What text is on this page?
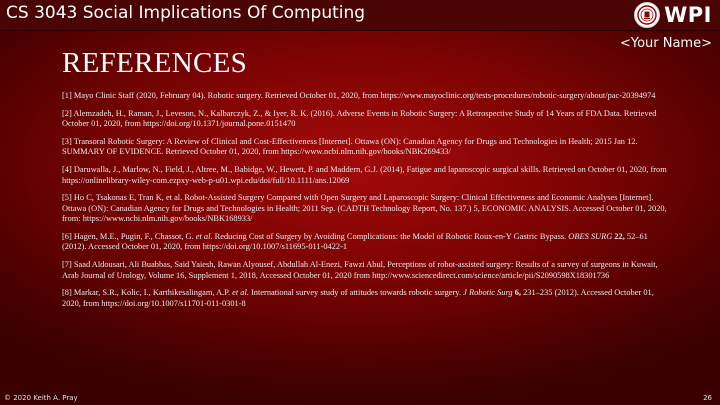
CS 3043 Social Implications Of Computing	WPI
<Your Name>
REFERENCES

[1] Mayo Clinic Staff (2020, February 04). Robotic surgery. Retrieved October 01, 2020, from https://www.mayoclinic.org/tests-procedures/robotic-surgery/about/pac-20394974

[2] Alemzadeh, H., Raman, J., Leveson, N., Kalbarczyk, Z., & Iyer, R. K. (2016). Adverse Events in Robotic Surgery: A Retrospective Study of 14 Years of FDA Data. Retrieved October 01, 2020, from https://doi.org/10.1371/journal.pone.0151470

[3] Transoral Robotic Surgery: A Review of Clinical and Cost-Effectiveness [Internet]. Ottawa (ON): Canadian Agency for Drugs and Technologies in Health; 2015 Jan 12. SUMMARY OF EVIDENCE. Retrieved October 01, 2020, from https://www.ncbi.nlm.nih.gov/books/NBK269433/

[4] Daruwalla, J., Marlow, N., Field, J., Altree, M., Babidge, W., Hewett, P. and Maddern, G.J. (2014), Fatigue and laparoscopic surgical skills. Retrieved on October 01, 2020, from https://onlinelibrary-wiley-com.ezpxy-web-p-u01.wpi.edu/doi/full/10.1111/ans.12069

[5] Ho C, Tsakonas E, Tran K, et al. Robot-Assisted Surgery Compared with Open Surgery and Laparoscopic Surgery: Clinical Effectiveness and Economic Analyses [Internet]. Ottawa (ON): Canadian Agency for Drugs and Technologies in Health; 2011 Sep. (CADTH Technology Report, No. 137.) 5, ECONOMIC ANALYSIS. Accessed October 01, 2020, from: https://www.ncbi.nlm.nih.gov/books/NBK168933/

[6] Hagen, M.E., Pugin, F., Chassot, G. et al. Reducing Cost of Surgery by Avoiding Complications: the Model of Robotic Roux-en-Y Gastric Bypass. OBES SURG 22, 52–61 (2012). Accessed October 01, 2020, from https://doi.org/10.1007/s11695-011-0422-1

[7] Saad Aldousari, Ali Buabbas, Said Yaiesh, Rawan Alyousef, Abdullah Al-Enezi, Fawzi Abul, Perceptions of robot-assisted surgery: Results of a survey of surgeons in Kuwait, Arab Journal of Urology, Volume 16, Supplement 1, 2018, Accessed October 01, 2020 from http://www.sciencedirect.com/science/article/pii/S2090598X18301736

[8] Markar, S.R., Kolic, I., Karthikesalingam, A.P. et al. International survey study of attitudes towards robotic surgery. J Robotic Surg 6, 231–235 (2012). Accessed October 01, 2020, from https://doi.org/10.1007/s11701-011-0301-8

© 2020 Keith A. Pray	26
